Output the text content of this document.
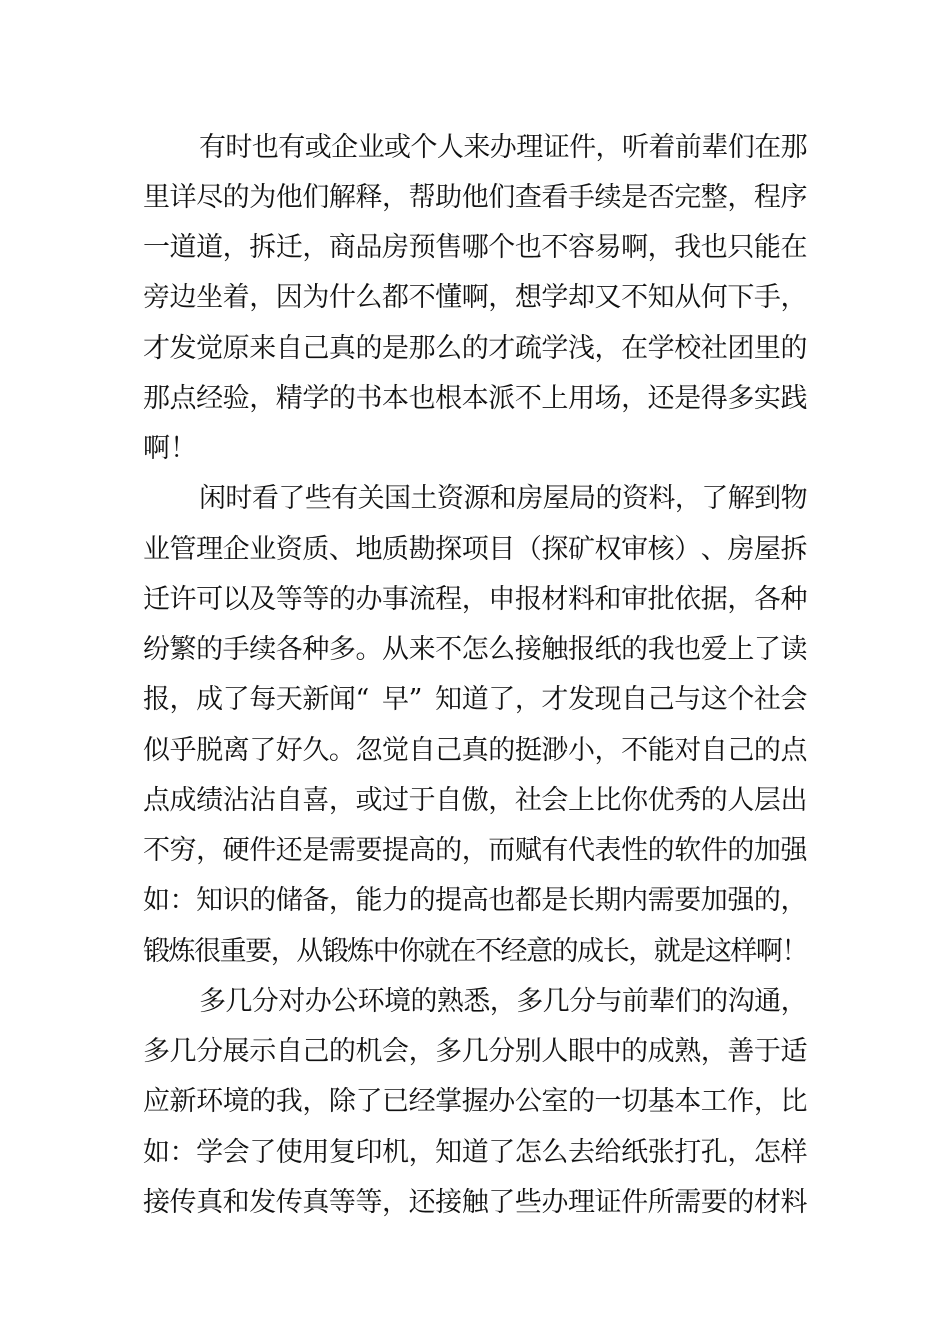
有 时 也 有 或 企 业 或 个 人 来 办 理 证 件 ， 听 着 前 辈 们 在 那
里 详 尽 的 为 他 们 解 释 ， 帮 助 他 们 查 看 手 续 是 否 完 整 ， 程 序
一 道 道 ， 拆 迁 ， 商 品 房 预 售 哪 个 也 不 容 易 啊 ， 我 也 只 能 在
旁 边 坐 着 ， 因 为 什 么 都 不 懂 啊 ， 想 学 却 又 不 知 从 何 下 手 ，
才 发 觉 原 来 自 己 真 的 是 那 么 的 才 疏 学 浅 ， 在 学 校 社 团 里 的
那 点 经 验 ， 精 学 的 书 本 也 根 本 派 不 上 用 场 ， 还 是 得 多 实 践
啊！
闲 时 看 了 些 有 关 国 土 资 源 和 房 屋 局 的 资 料 ， 了 解 到 物
业 管 理 企 业 资 质 、 地 质 勘 探 项 目 （ 探 矿 权 审 核 ） 、 房 屋 拆
迁 许 可 以 及 等 等 的 办 事 流 程 ， 申 报 材 料 和 审 批 依 据 ， 各 种
纷 繁 的 手 续 各 种 多 。 从 来 不 怎 么 接 触 报 纸 的 我 也 爱 上 了 读
报 ， 成 了 每 天 新 闻 “ 早 ” 知 道 了 ， 才 发 现 自 己 与 这 个 社 会
似 乎 脱 离 了 好 久 。 忽 觉 自 己 真 的 挺 渺 小 ， 不 能 对 自 己 的 点
点 成 绩 沾 沾 自 喜 ， 或 过 于 自 傲 ， 社 会 上 比 你 优 秀 的 人 层 出
不 穷 ， 硬 件 还 是 需 要 提 高 的 ， 而 赋 有 代 表 性 的 软 件 的 加 强
如 ： 知 识 的 储 备 ， 能 力 的 提 高 也 都 是 长 期 内 需 要 加 强 的 ，
锻
炼
很
重
要
，
从
锻
炼
中
你
就
在
不
经
意
的
成
长
，
就
是
这
样
啊
！
多 几 分 对 办 公 环 境 的 熟 悉 ， 多 几 分 与 前 辈 们 的 沟 通 ，
多 几 分 展 示 自 己 的 机 会 ， 多 几 分 别 人 眼 中 的 成 熟 ， 善 于 适
应 新 环 境 的 我 ， 除 了 已 经 掌 握 办 公 室 的 一 切 基 本 工 作 ， 比
如 ： 学 会 了 使 用 复 印 机 ， 知 道 了 怎 么 去 给 纸 张 打 孔 ， 怎 样
接 传 真 和 发 传 真 等 等 ， 还 接 触 了 些 办 理 证 件 所 需 要 的 材 料
